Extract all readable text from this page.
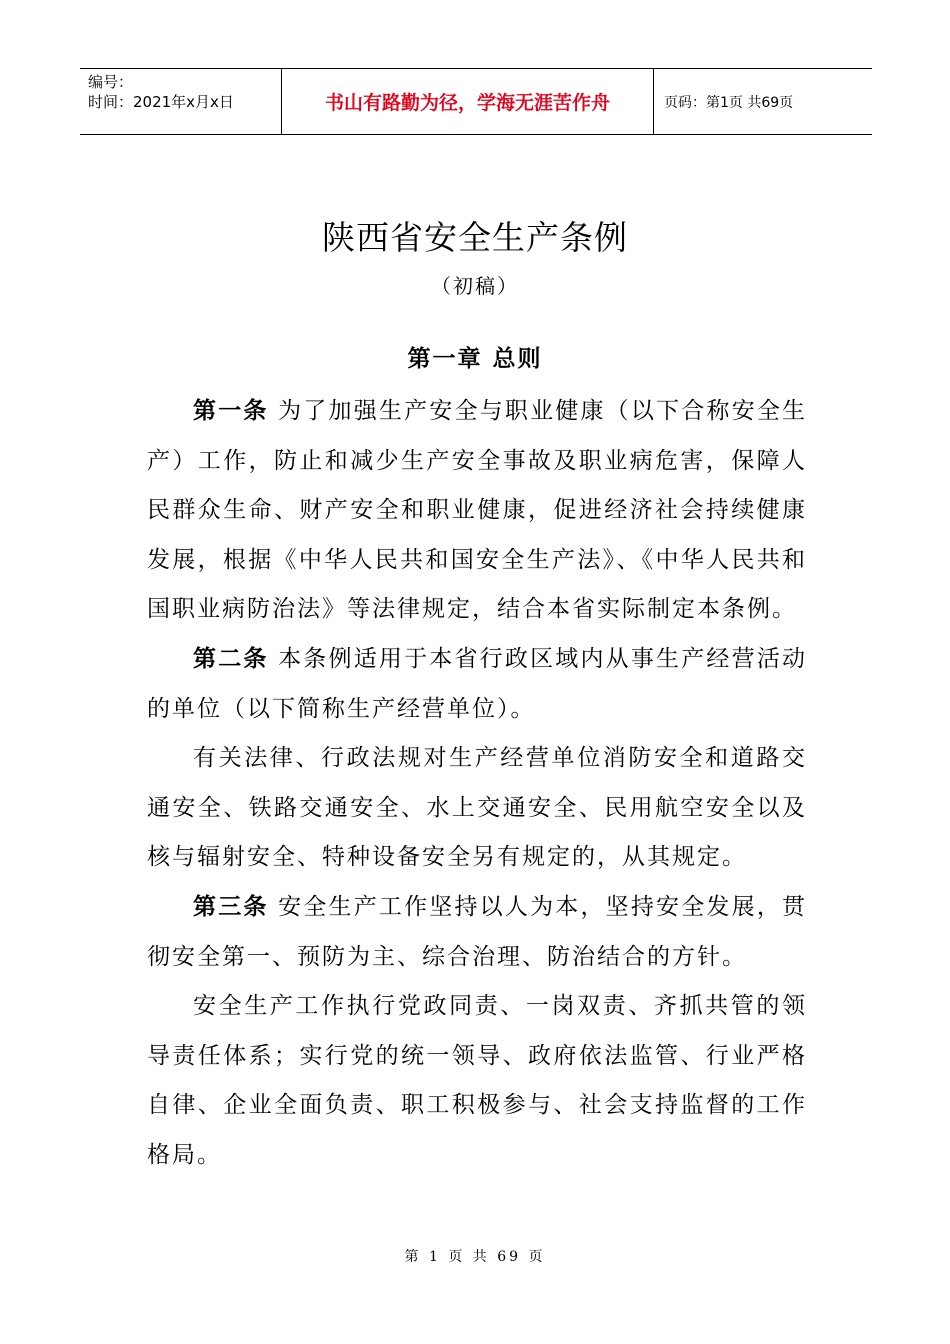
编号：
时间：2021年x月x日	书山有路勤为径，学海无涯苦作舟	页码：第1页 共69页
陕西省安全生产条例
（初稿）
第一章 总则

第一条 为了加强生产安全与职业健康（以下合称安全生产）工作，防止和减少生产安全事故及职业病危害，保障人民群众生命、财产安全和职业健康，促进经济社会持续健康发展，根据《中华人民共和国安全生产法》、《中华人民共和国职业病防治法》等法律规定，结合本省实际制定本条例。

第二条 本条例适用于本省行政区域内从事生产经营活动的单位（以下简称生产经营单位）。

有关法律、行政法规对生产经营单位消防安全和道路交通安全、铁路交通安全、水上交通安全、民用航空安全以及核与辐射安全、特种设备安全另有规定的，从其规定。

第三条 安全生产工作坚持以人为本，坚持安全发展，贯彻安全第一、预防为主、综合治理、防治结合的方针。

安全生产工作执行党政同责、一岗双责、齐抓共管的领导责任体系；实行党的统一领导、政府依法监管、行业严格自律、企业全面负责、职工积极参与、社会支持监督的工作格局。

第 1 页 共 69 页
